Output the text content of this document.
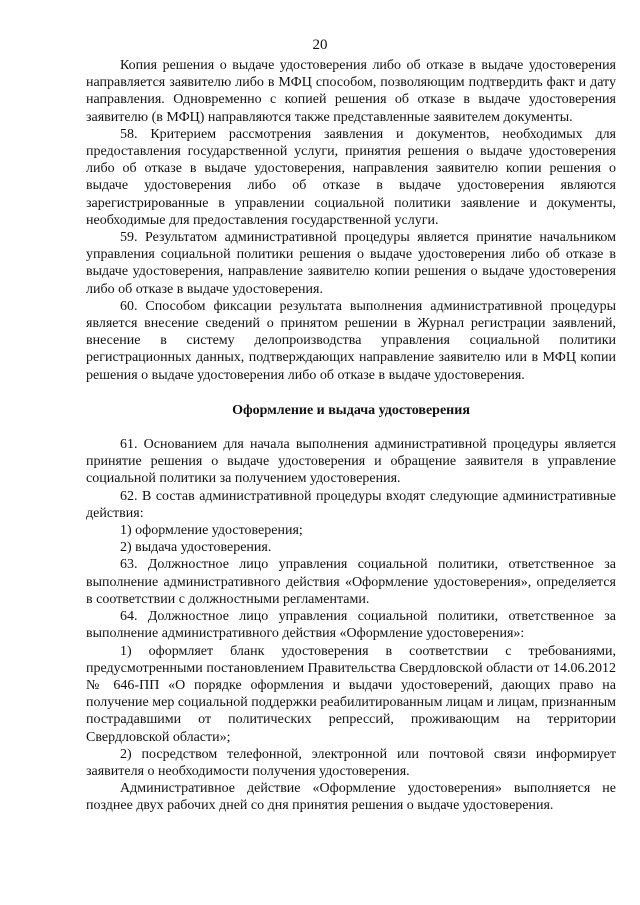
20

Копия решения о выдаче удостоверения либо об отказе в выдаче удостоверения направляется заявителю либо в МФЦ способом, позволяющим подтвердить факт и дату направления. Одновременно с копией решения об отказе в выдаче удостоверения заявителю (в МФЦ) направляются также представленные заявителем документы.

58. Критерием рассмотрения заявления и документов, необходимых для предоставления государственной услуги, принятия решения о выдаче удостоверения либо об отказе в выдаче удостоверения, направления заявителю копии решения о выдаче удостоверения либо об отказе в выдаче удостоверения являются зарегистрированные в управлении социальной политики заявление и документы, необходимые для предоставления государственной услуги.

59. Результатом административной процедуры является принятие начальником управления социальной политики решения о выдаче удостоверения либо об отказе в выдаче удостоверения, направление заявителю копии решения о выдаче удостоверения либо об отказе в выдаче удостоверения.

60. Способом фиксации результата выполнения административной процедуры является внесение сведений о принятом решении в Журнал регистрации заявлений, внесение в систему делопроизводства управления социальной политики регистрационных данных, подтверждающих направление заявителю или в МФЦ копии решения о выдаче удостоверения либо об отказе в выдаче удостоверения.

Оформление и выдача удостоверения

61. Основанием для начала выполнения административной процедуры является принятие решения о выдаче удостоверения и обращение заявителя в управление социальной политики за получением удостоверения.

62. В состав административной процедуры входят следующие административные действия:

1) оформление удостоверения;

2) выдача удостоверения.

63. Должностное лицо управления социальной политики, ответственное за выполнение административного действия «Оформление удостоверения», определяется в соответствии с должностными регламентами.

64. Должностное лицо управления социальной политики, ответственное за выполнение административного действия «Оформление удостоверения»:

1) оформляет бланк удостоверения в соответствии с требованиями, предусмотренными постановлением Правительства Свердловской области от 14.06.2012 № 646-ПП «О порядке оформления и выдачи удостоверений, дающих право на получение мер социальной поддержки реабилитированным лицам и лицам, признанным пострадавшими от политических репрессий, проживающим на территории Свердловской области»;

2) посредством телефонной, электронной или почтовой связи информирует заявителя о необходимости получения удостоверения.

Административное действие «Оформление удостоверения» выполняется не позднее двух рабочих дней со дня принятия решения о выдаче удостоверения.
